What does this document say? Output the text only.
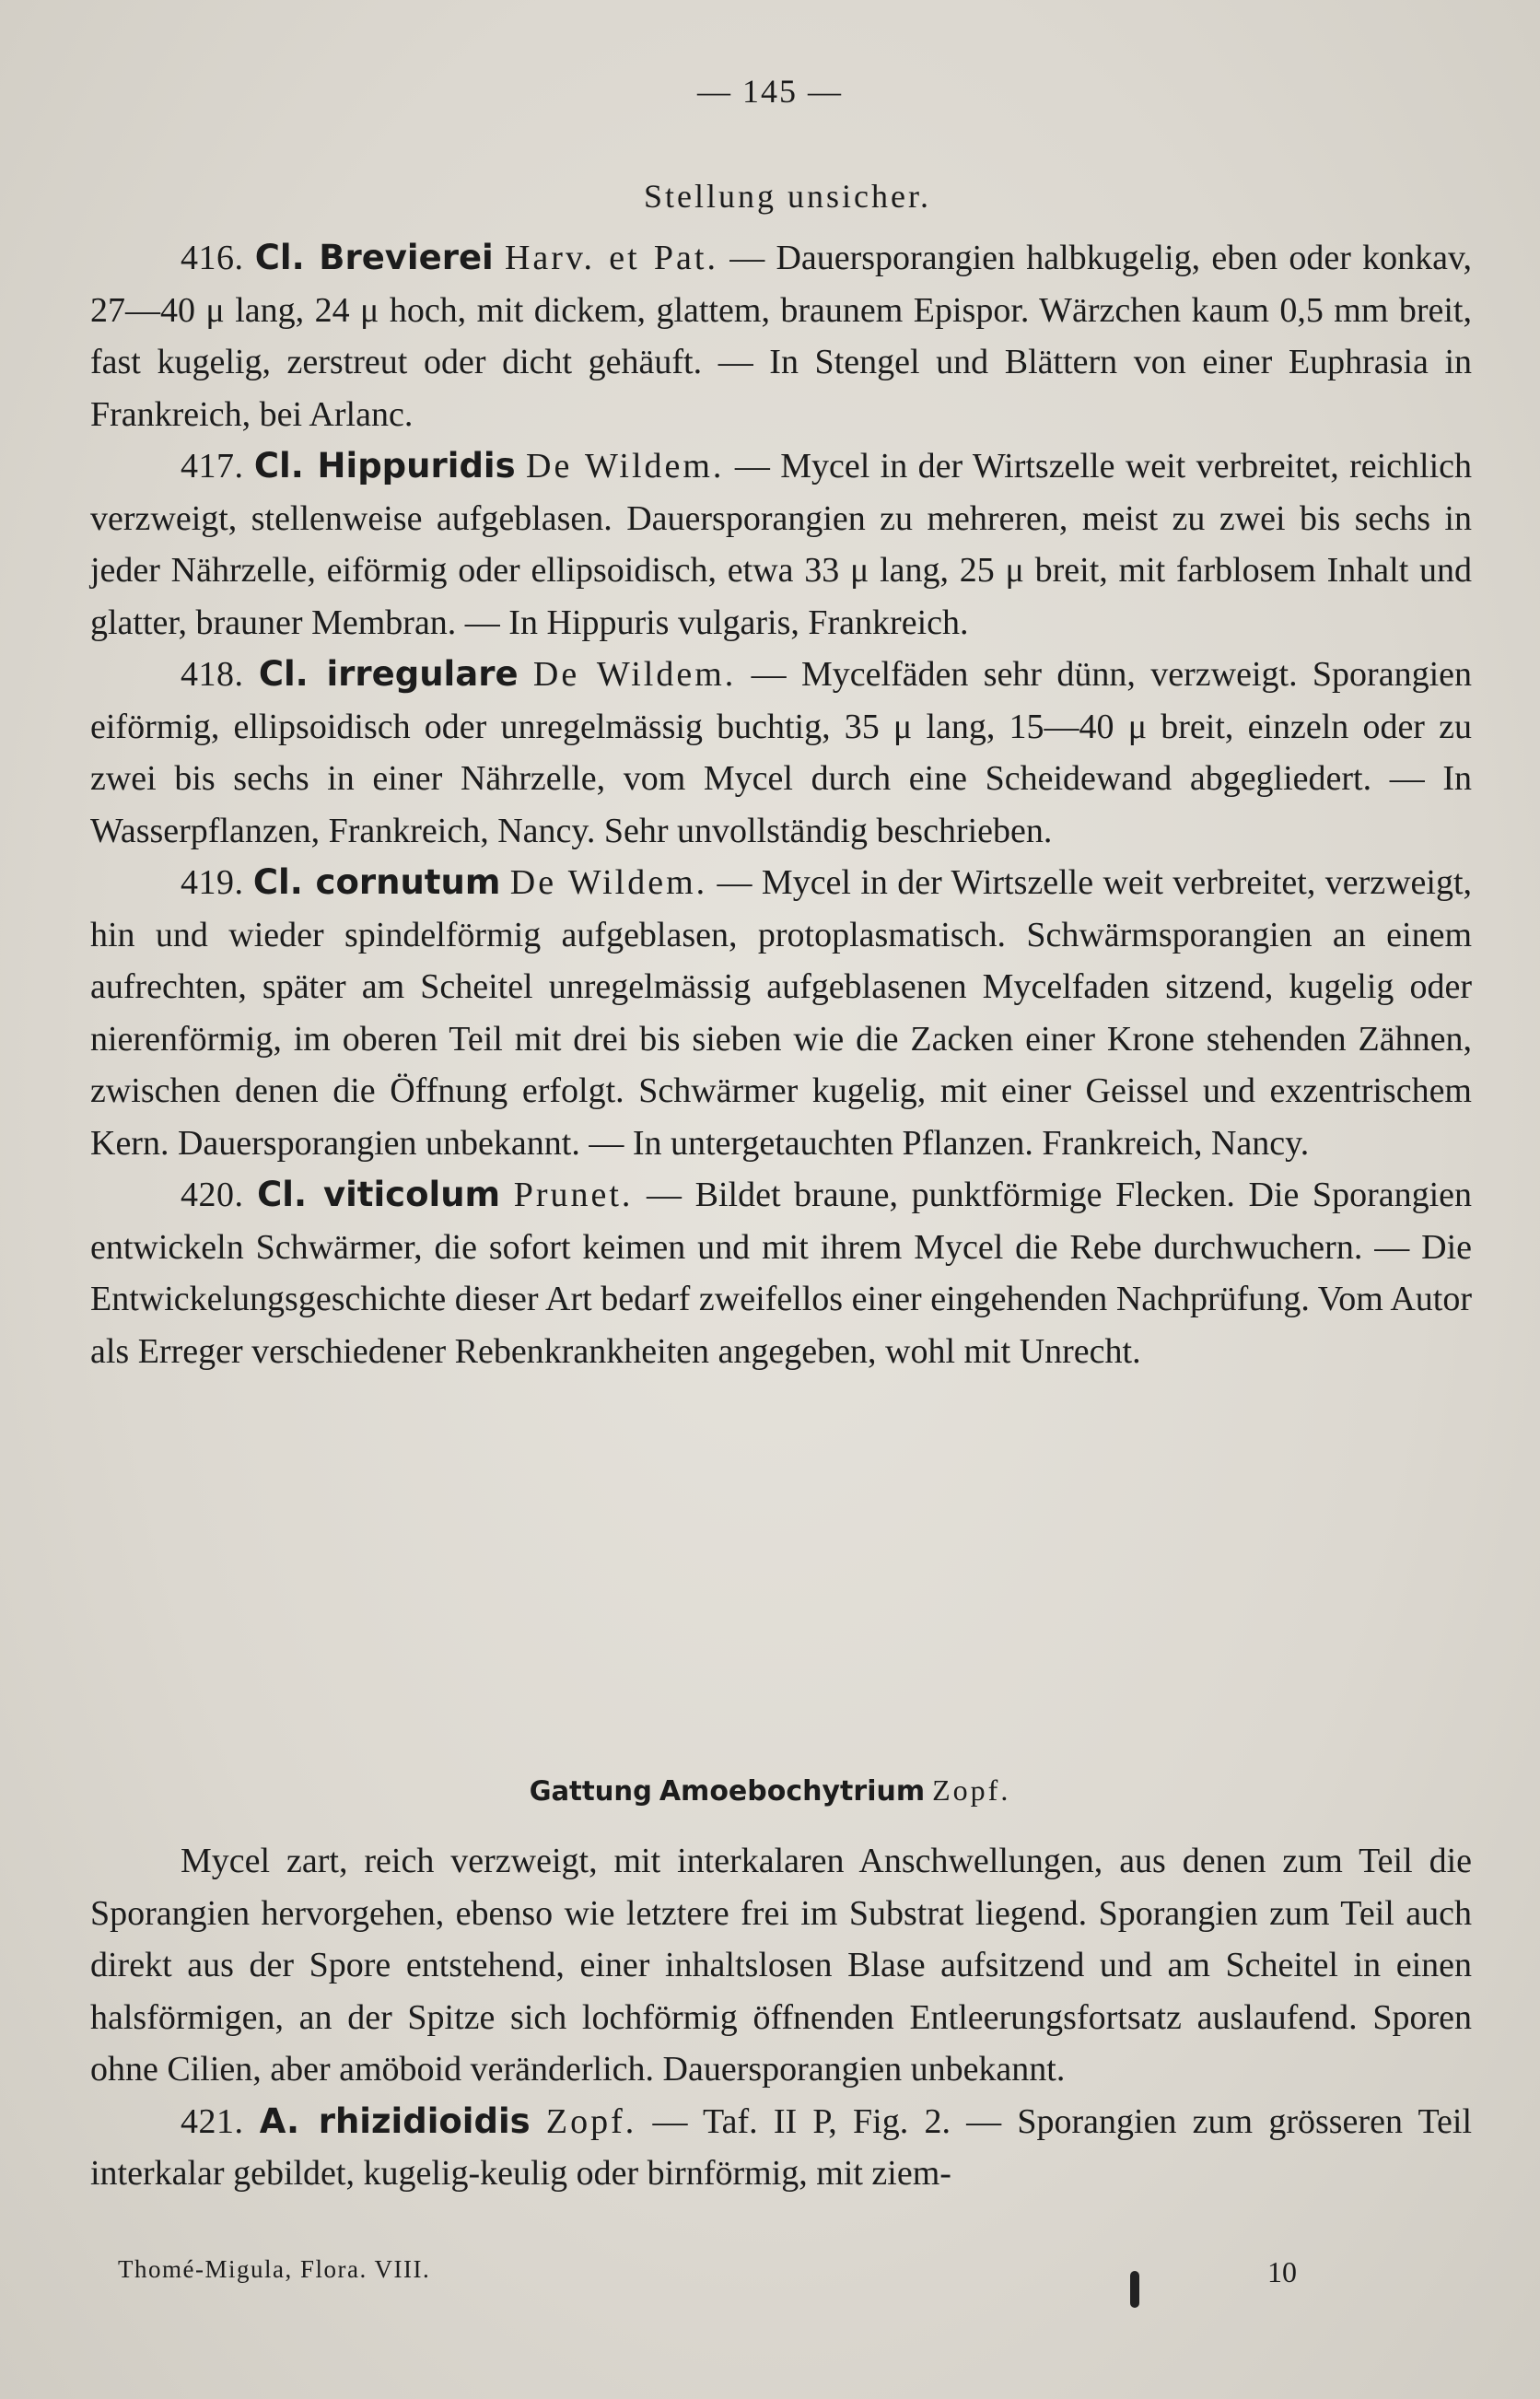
— 145 —
Stellung unsicher.

416. Cl. Brevierei Harv. et Pat. — Dauersporangien halbkugelig, eben oder konkav, 27—40 μ lang, 24 μ hoch, mit dickem, glattem, braunem Epispor. Wärzchen kaum 0,5 mm breit, fast kugelig, zerstreut oder dicht gehäuft. — In Stengel und Blättern von einer Euphrasia in Frankreich, bei Arlanc.

417. Cl. Hippuridis De Wildem. — Mycel in der Wirtszelle weit verbreitet, reichlich verzweigt, stellenweise aufgeblasen. Dauersporangien zu mehreren, meist zu zwei bis sechs in jeder Nährzelle, eiförmig oder ellipsoidisch, etwa 33 μ lang, 25 μ breit, mit farblosem Inhalt und glatter, brauner Membran. — In Hippuris vulgaris, Frankreich.

418. Cl. irregulare De Wildem. — Mycelfäden sehr dünn, verzweigt. Sporangien eiförmig, ellipsoidisch oder unregelmässig buchtig, 35 μ lang, 15—40 μ breit, einzeln oder zu zwei bis sechs in einer Nährzelle, vom Mycel durch eine Scheidewand abgegliedert. — In Wasserpflanzen, Frankreich, Nancy. Sehr unvollständig beschrieben.

419. Cl. cornutum De Wildem. — Mycel in der Wirtszelle weit verbreitet, verzweigt, hin und wieder spindelförmig aufgeblasen, protoplasmatisch. Schwärmsporangien an einem aufrechten, später am Scheitel unregelmässig aufgeblasenen Mycelfaden sitzend, kugelig oder nierenförmig, im oberen Teil mit drei bis sieben wie die Zacken einer Krone stehenden Zähnen, zwischen denen die Öffnung erfolgt. Schwärmer kugelig, mit einer Geissel und exzentrischem Kern. Dauersporangien unbekannt. — In untergetauchten Pflanzen. Frankreich, Nancy.

420. Cl. viticolum Prunet. — Bildet braune, punktförmige Flecken. Die Sporangien entwickeln Schwärmer, die sofort keimen und mit ihrem Mycel die Rebe durchwuchern. — Die Entwickelungsgeschichte dieser Art bedarf zweifellos einer eingehenden Nachprüfung. Vom Autor als Erreger verschiedener Rebenkrankheiten angegeben, wohl mit Unrecht.

Gattung Amoebochytrium Zopf.

Mycel zart, reich verzweigt, mit interkalaren Anschwellungen, aus denen zum Teil die Sporangien hervorgehen, ebenso wie letztere frei im Substrat liegend. Sporangien zum Teil auch direkt aus der Spore entstehend, einer inhaltslosen Blase aufsitzend und am Scheitel in einen halsförmigen, an der Spitze sich lochförmig öffnenden Entleerungsfortsatz auslaufend. Sporen ohne Cilien, aber amöboid veränderlich. Dauersporangien unbekannt.

421. A. rhizidioidis Zopf. — Taf. II P, Fig. 2. — Sporangien zum grösseren Teil interkalar gebildet, kugelig-keulig oder birnförmig, mit ziem-

Thomé-Migula, Flora. VIII.	10
